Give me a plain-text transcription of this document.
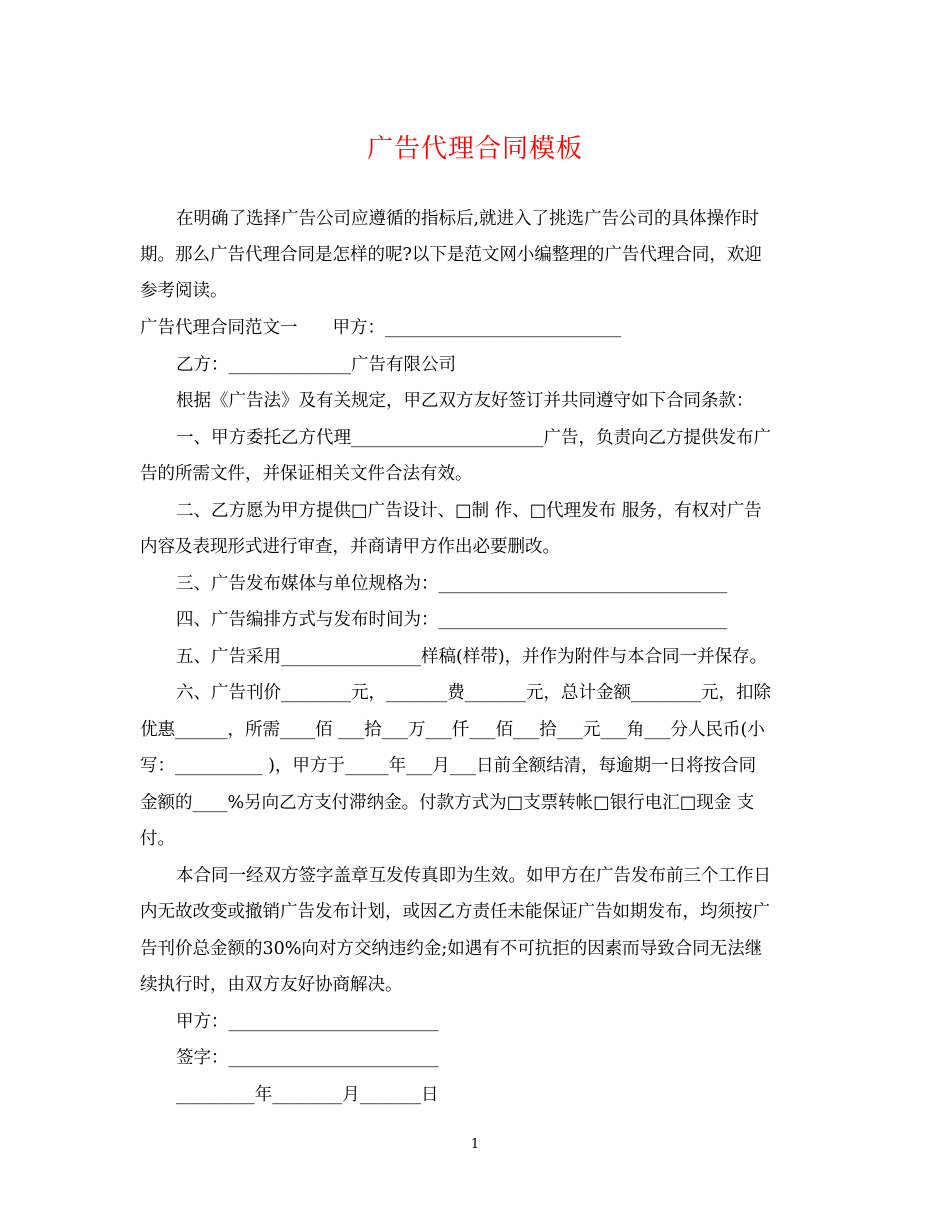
广告代理合同模板
在明确了选择广告公司应遵循的指标后,就进入了挑选广告公司的具体操作时
期。那么广告代理合同是怎样的呢?以下是范文网小编整理的广告代理合同，欢迎
参考阅读。
广告代理合同范文一　　甲方：___________________________
乙方：______________广告有限公司
根据《广告法》及有关规定，甲乙双方友好签订并共同遵守如下合同条款：
一、甲方委托乙方代理______________________广告，负责向乙方提供发布广
告的所需文件，并保证相关文件合法有效。
二、乙方愿为甲方提供□广告设计、□制 作、□代理发布 服务，有权对广告
内容及表现形式进行审查，并商请甲方作出必要删改。
三、广告发布媒体与单位规格为：_________________________________
四、广告编排方式与发布时间为：_________________________________
五、广告采用________________样稿(样带)，并作为附件与本合同一并保存。
六、广告刊价________元，_______费_______元，总计金额________元，扣除
优惠______，所需____佰 ___拾___万___仟___佰___拾___元___角___分人民币(小
写：__________ )，甲方于_____年___月___日前全额结清，每逾期一日将按合同
金额的____%另向乙方支付滞纳金。付款方式为□支票转帐□银行电汇□现金 支
付。
本合同一经双方签字盖章互发传真即为生效。如甲方在广告发布前三个工作日
内无故改变或撤销广告发布计划，或因乙方责任未能保证广告如期发布，均须按广
告刊价总金额的30%向对方交纳违约金;如遇有不可抗拒的因素而导致合同无法继
续执行时，由双方友好协商解决。
甲方：________________________
签字：________________________
_________年________月_______日
1
